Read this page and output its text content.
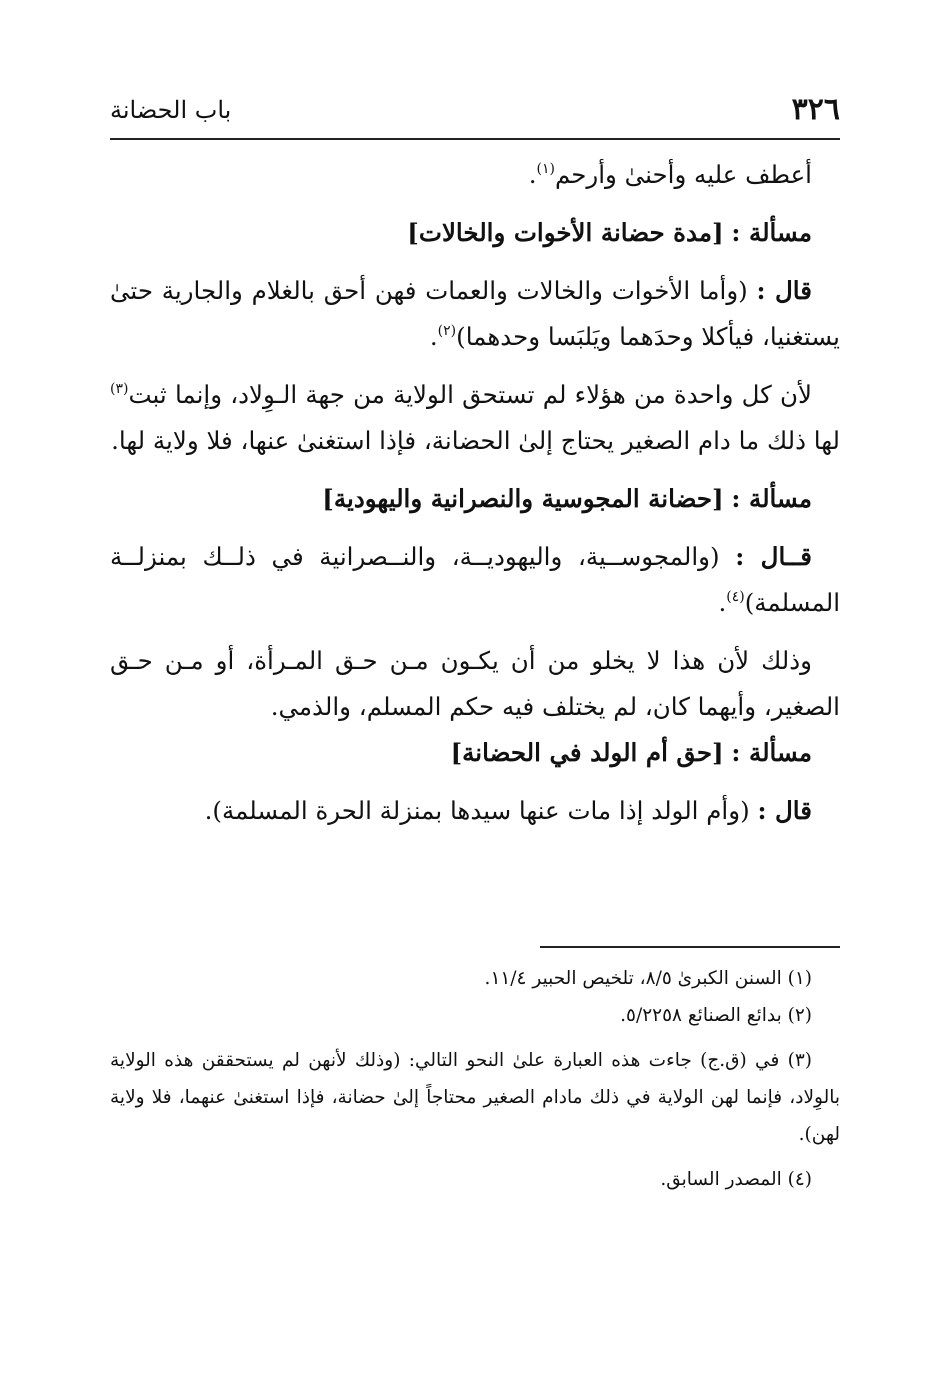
٣٢٦
باب الحضانة

أعطف عليه وأحنىٰ وأرحم$^{(١)}$.

مسألة : [مدة حضانة الأخوات والخالات]

قال : (وأما الأخوات والخالات والعمات فهن أحق بالغلام والجارية حتىٰ يستغنيا، فيأكلا وحدَهما ويَلبَسا وحدهما)$^{(٢)}$.

لأن كل واحدة من هؤلاء لم تستحق الولاية من جهة الـوِلاد، وإنما ثبت$^{(٣)}$ لها ذلك ما دام الصغير يحتاج إلىٰ الحضانة، فإذا استغنىٰ عنها، فلا ولاية لها.

مسألة : [حضانة المجوسية والنصرانية واليهودية]

قــال : (والمجوســية، واليهوديــة، والنــصرانية في ذلــك بمنزلــة المسلمة)$^{(٤)}$.

وذلك لأن هذا لا يخلو من أن يكـون مـن حـق المـرأة، أو مـن حـق الصغير، وأيهما كان، لم يختلف فيه حكم المسلم، والذمي.

مسألة : [حق أم الولد في الحضانة]

قال : (وأم الولد إذا مات عنها سيدها بمنزلة الحرة المسلمة).

(١) السنن الكبرىٰ ٨/٥، تلخيص الحبير ١١/٤.

(٢) بدائع الصنائع ٥/٢٢٥٨.

(٣) في (ق.ج) جاءت هذه العبارة علىٰ النحو التالي: (وذلك لأنهن لم يستحققن هذه الولاية بالوِلاد، فإنما لهن الولاية في ذلك مادام الصغير محتاجاً إلىٰ حضانة، فإذا استغنىٰ عنهما، فلا ولاية لهن).

(٤) المصدر السابق.
